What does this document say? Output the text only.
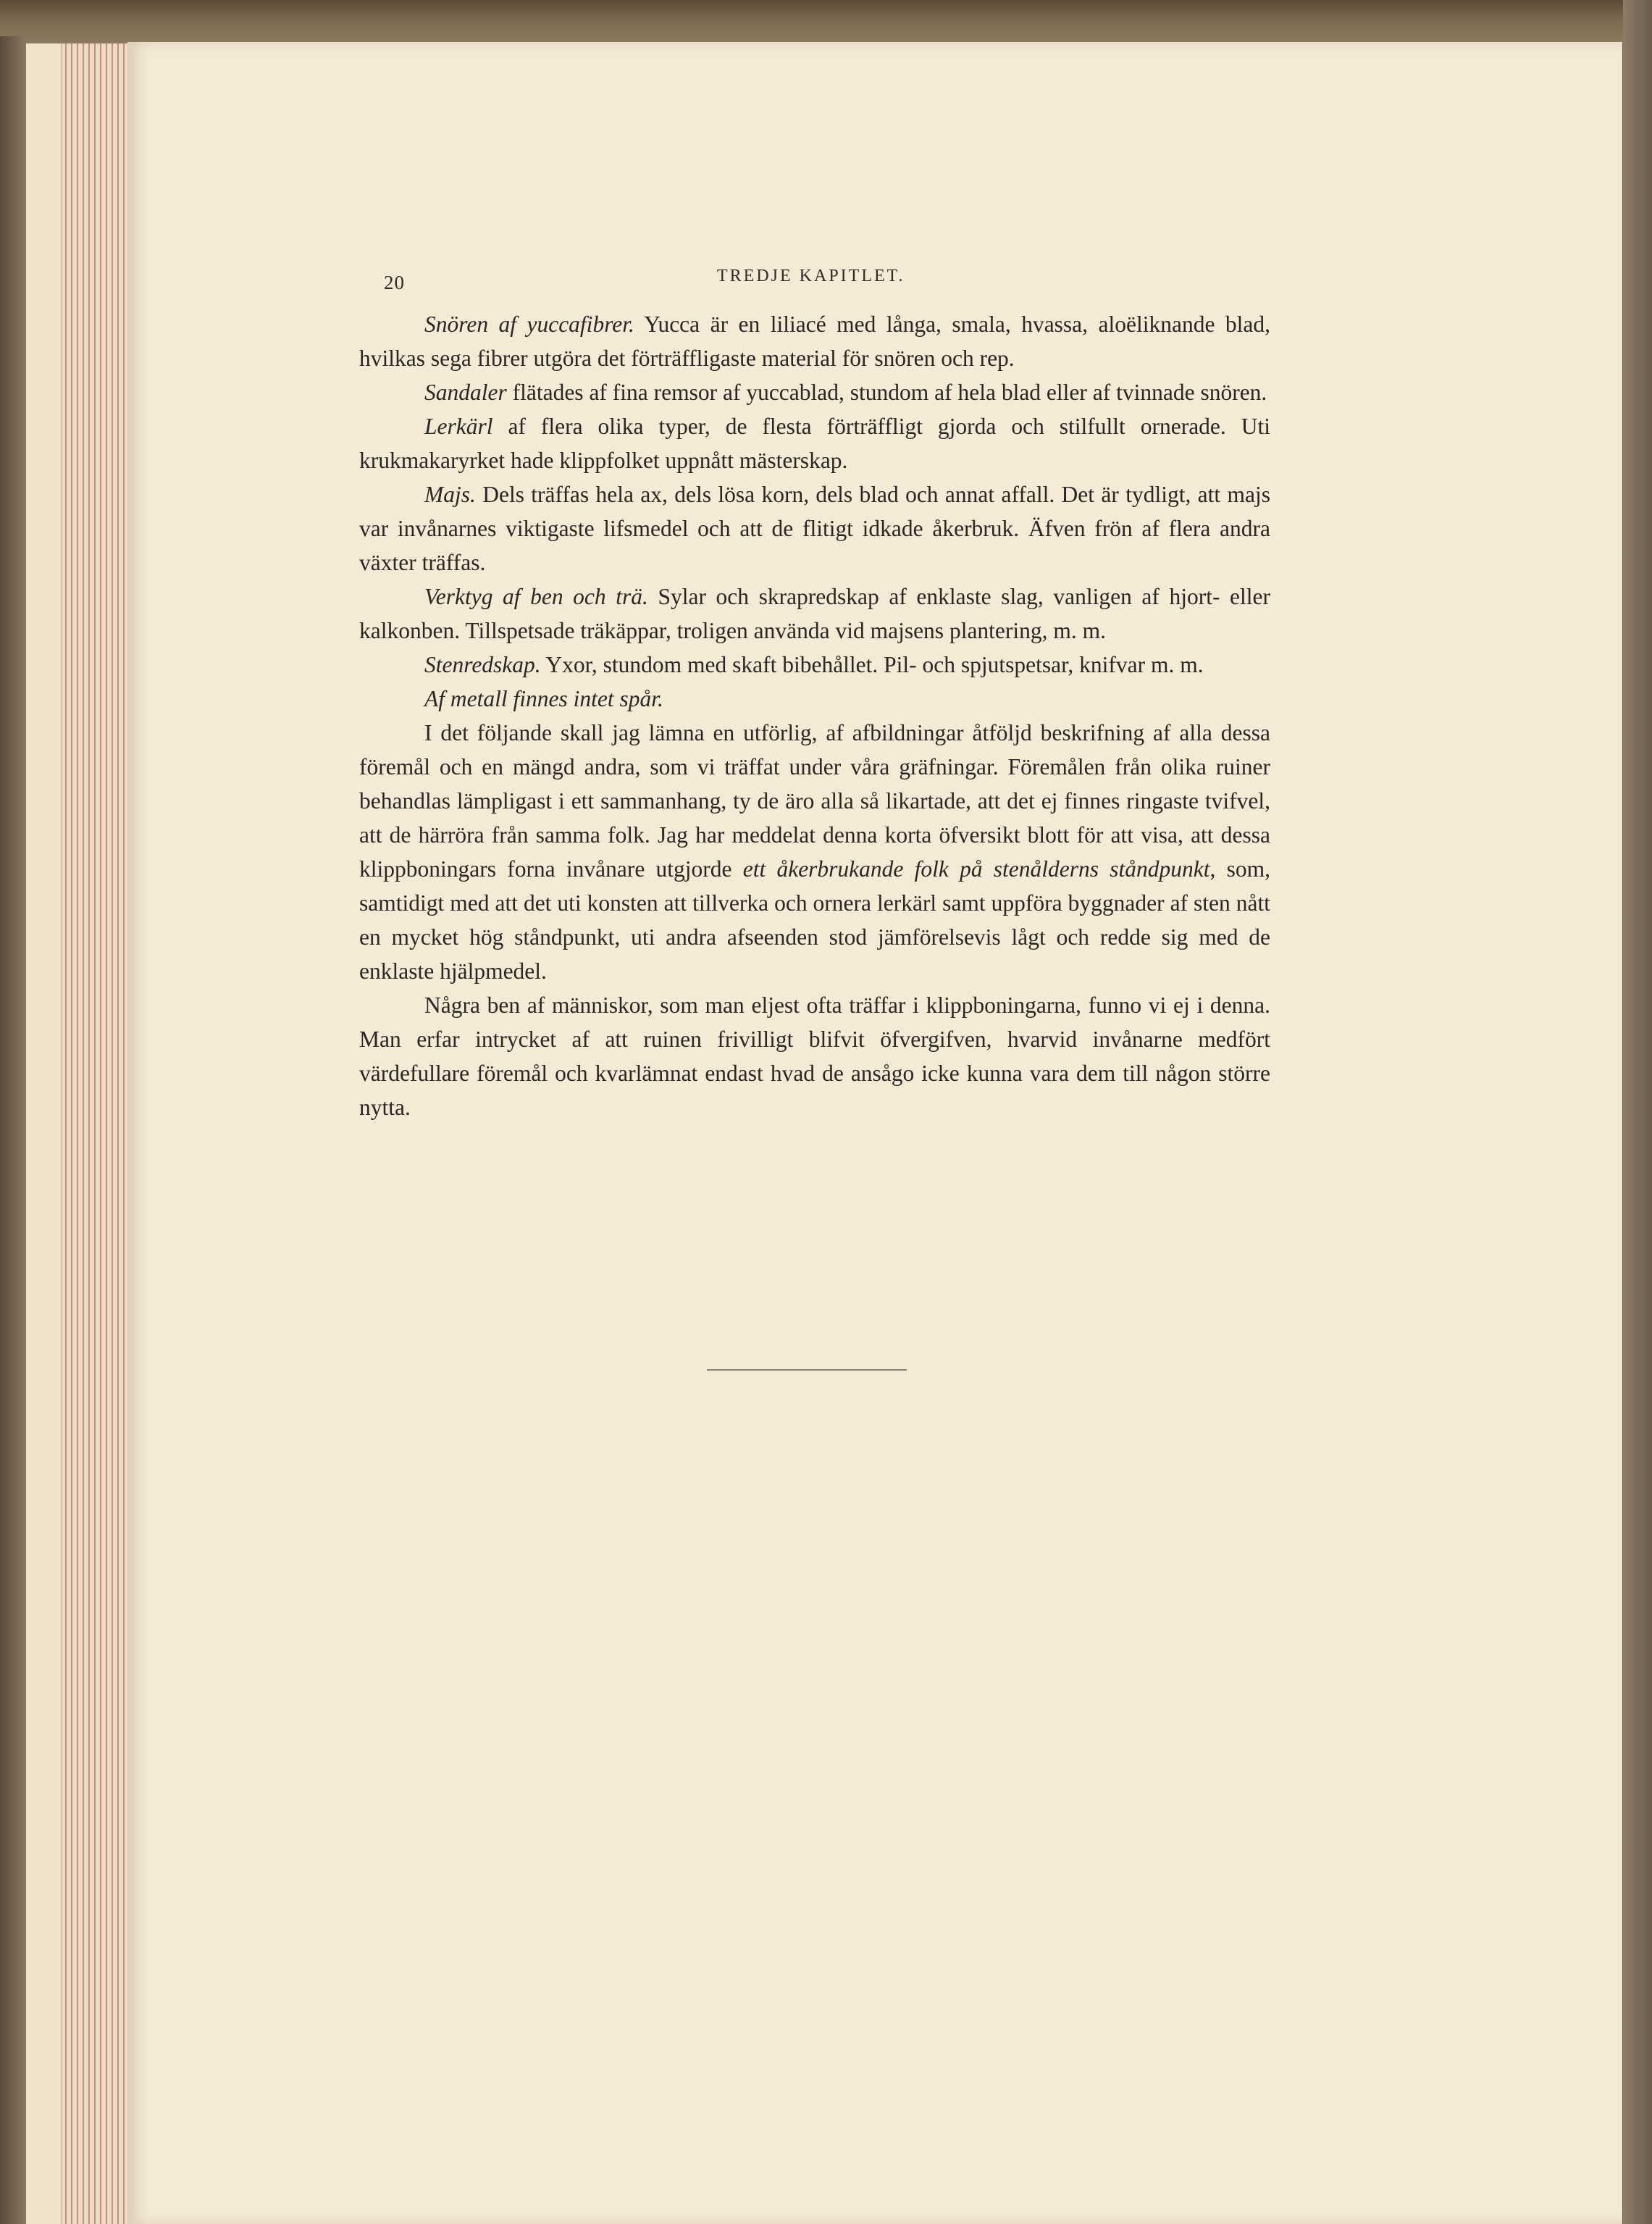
20	TREDJE KAPITLET.

Snören af yuccafibrer. Yucca är en liliacé med långa, smala, hvassa, aloëliknande blad, hvilkas sega fibrer utgöra det förträffligaste material för snören och rep.

Sandaler flätades af fina remsor af yuccablad, stundom af hela blad eller af tvinnade snören.

Lerkärl af flera olika typer, de flesta förträffligt gjorda och stilfullt ornerade. Uti krukmakaryrket hade klippfolket uppnått mästerskap.

Majs. Dels träffas hela ax, dels lösa korn, dels blad och annat affall. Det är tydligt, att majs var invånarnes viktigaste lifsmedel och att de flitigt idkade åkerbruk. Äfven frön af flera andra växter träffas.

Verktyg af ben och trä. Sylar och skrapredskap af enklaste slag, vanligen af hjort- eller kalkonben. Tillspetsade träkäppar, troligen använda vid majsens plantering, m. m.

Stenredskap. Yxor, stundom med skaft bibehållet. Pil- och spjutspetsar, knifvar m. m.

Af metall finnes intet spår.

I det följande skall jag lämna en utförlig, af afbildningar åtföljd beskrifning af alla dessa föremål och en mängd andra, som vi träffat under våra gräfningar. Föremålen från olika ruiner behandlas lämpligast i ett sammanhang, ty de äro alla så likartade, att det ej finnes ringaste tvifvel, att de härröra från samma folk. Jag har meddelat denna korta öfversikt blott för att visa, att dessa klippboningars forna invånare utgjorde ett åkerbrukande folk på stenålderns ståndpunkt, som, samtidigt med att det uti konsten att tillverka och ornera lerkärl samt uppföra byggnader af sten nått en mycket hög ståndpunkt, uti andra afseenden stod jämförelsevis lågt och redde sig med de enklaste hjälpmedel.

Några ben af människor, som man eljest ofta träffar i klippboningarna, funno vi ej i denna. Man erfar intrycket af att ruinen frivilligt blifvit öfvergifven, hvarvid invånarne medfört värdefullare föremål och kvarlämnat endast hvad de ansågo icke kunna vara dem till någon större nytta.
